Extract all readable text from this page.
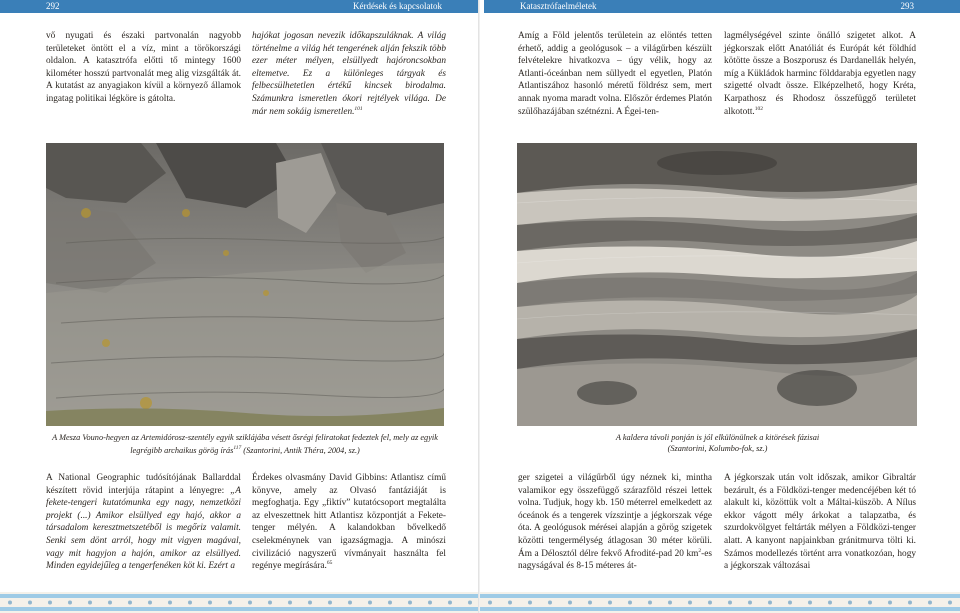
292	Kérdések és kapcsolatok

vő nyugati és északi partvonalán nagyobb területeket öntött el a víz, mint a törökországi oldalon. A katasztrófa előtti tő mintegy 1600 kilométer hosszú partvonalát meg alig vizsgálták át. A kutatást az anyagiakon kívül a környező államok ingatag politikai légköre is gátolta.

hajókat jogosan nevezik időkapszuláknak. A világ történelme a világ hét tengerének alján fekszik több ezer méter mélyen, elsüllyedt hajóroncsokban eltemetve. Ez a különleges tárgyak és felbecsülhetetlen értékű kincsek birodalma. Számunkra ismeretlen ókori rejtélyek világa. De már nem sokáig ismeretlen.$^{101}$

A Mesza Vouno-hegyen az Artemidórosz-szentély egyik sziklájába vésett ősrégi feliratokat fedeztek fel, mely az egyik
legrégibb archaikus görög írás$^{117}$ (Szantorini, Antik Théra, 2004, sz.)

A National Geographic tudósítójának Ballarddal készített rövid interjúja rátapint a lényegre: „A fekete-tengeri kutatómunka egy nagy, nemzetközi projekt (...) Amikor elsüllyed egy hajó, akkor a társadalom keresztmetszetéből is megőriz valamit. Senki sem dönt arról, hogy mit vigyen magával, vagy mit hagyjon a hajón, amikor az elsüllyed. Minden egyidejűleg a tengerfenéken köt ki. Ezért a

Érdekes olvasmány David Gibbins: Atlantisz című könyve, amely az Olvasó fantáziáját is megfoghatja. Egy „fiktív” kutatócsoport megtalálta az elveszettnek hitt Atlantisz központját a Fekete-tenger mélyén. A kalandokban bővelkedő cselekménynek van igazságmagja. A minószi civilizáció nagyszerű vívmányait használta fel regénye megírására.$^{65}$

Katasztrófaelméletek	293

Amíg a Föld jelentős területein az elöntés tetten érhető, addig a geológusok – a világűrben készült felvételekre hivatkozva – úgy vélik, hogy az Atlanti-óceánban nem süllyedt el egyetlen, Platón Atlantiszához hasonló méretű földrész sem, mert annak nyoma maradt volna. Először érdemes Platón szülőhazájában szétnézni. A Égei-ten-

lagmélységével szinte önálló szigetet alkot. A jégkorszak előtt Anatóliát és Európát két földhíd kötötte össze a Boszporusz és Dardanellák helyén, míg a Kükládok harminc földdarabja egyetlen nagy szigetté olvadt össze. Elképzelhető, hogy Kréta, Karpathosz és Rhodosz összefüggő területet alkotott.$^{102}$

A kaldera távoli ponján is jól elkülönülnek a kitörések fázisai
(Szantorini, Kolumbo-fok, sz.)

ger szigetei a világűrből úgy néznek ki, mintha valamikor egy összefüggő szárazföld részei lettek volna. Tudjuk, hogy kb. 150 méterrel emelkedett az óceánok és a tengerek vízszintje a jégkorszak vége óta. A geológusok mérései alapján a görög szigetek közötti tengermélység átlagosan 30 méter körüli. Ám a Délosztól délre fekvő Afrodité-pad 20 $km^2-es$ nagyságával és 8-15 méteres át-

A jégkorszak után volt időszak, amikor Gibraltár bezárult, és a Földközi-tenger medencéjében két tó alakult ki, közöttük volt a Máltai-küszöb. A Nílus ekkor vágott mély árkokat a talapzatba, és szurdokvölgyet feltárták mélyen a Földközi-tenger alatt. A kanyont napjainkban gránitmurva tölti ki. Számos modellezés történt arra vonatkozóan, hogy a jégkorszak változásai
